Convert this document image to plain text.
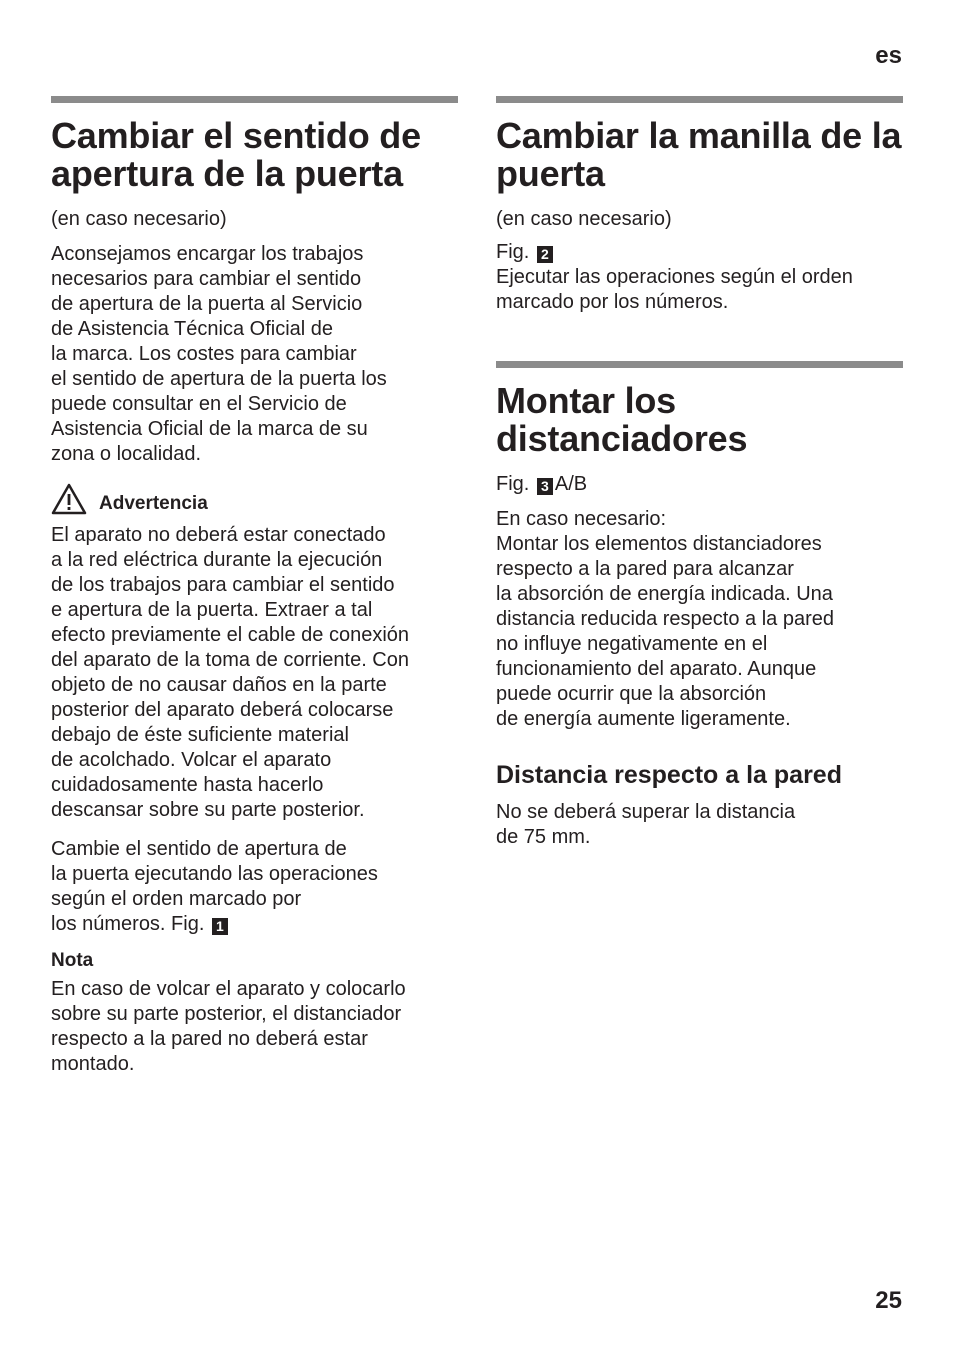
es
Cambiar el sentido de apertura de la puerta

(en caso necesario)

Aconsejamos encargar los trabajos
necesarios para cambiar el sentido
de apertura de la puerta al Servicio
de Asistencia Técnica Oficial de
la marca. Los costes para cambiar
el sentido de apertura de la puerta los
puede consultar en el Servicio de
Asistencia Oficial de la marca de su
zona o localidad.

Advertencia

El aparato no deberá estar conectado
a la red eléctrica durante la ejecución
de los trabajos para cambiar el sentido
e apertura de la puerta. Extraer a tal
efecto previamente el cable de conexión
del aparato de la toma de corriente. Con
objeto de no causar daños en la parte
posterior del aparato deberá colocarse
debajo de éste suficiente material
de acolchado. Volcar el aparato
cuidadosamente hasta hacerlo
descansar sobre su parte posterior.

Cambie el sentido de apertura de
la puerta ejecutando las operaciones
según el orden marcado por
los números. Fig. 1

Nota

En caso de volcar el aparato y colocarlo
sobre su parte posterior, el distanciador
respecto a la pared no deberá estar
montado.

Cambiar la manilla de la puerta

(en caso necesario)

Fig. 2
Ejecutar las operaciones según el orden
marcado por los números.

Montar los distanciadores

Fig. 3 A/B

En caso necesario:
Montar los elementos distanciadores
respecto a la pared para alcanzar
la absorción de energía indicada. Una
distancia reducida respecto a la pared
no influye negativamente en el
funcionamiento del aparato. Aunque
puede ocurrir que la absorción
de energía aumente ligeramente.

Distancia respecto a la pared

No se deberá superar la distancia
de 75 mm.

25
